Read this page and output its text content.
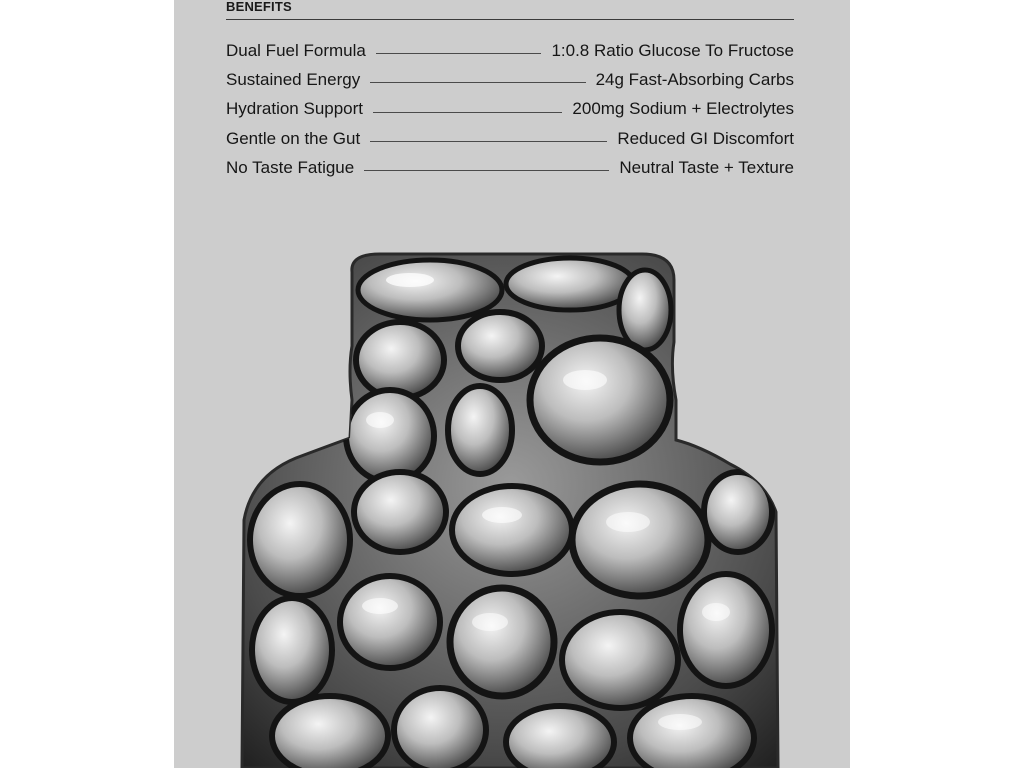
BENEFITS
Dual Fuel Formula	1:0.8 Ratio Glucose To Fructose
Sustained Energy	24g Fast-Absorbing Carbs
Hydration Support	200mg Sodium + Electrolytes
Gentle on the Gut	Reduced GI Discomfort
No Taste Fatigue	Neutral Taste + Texture
